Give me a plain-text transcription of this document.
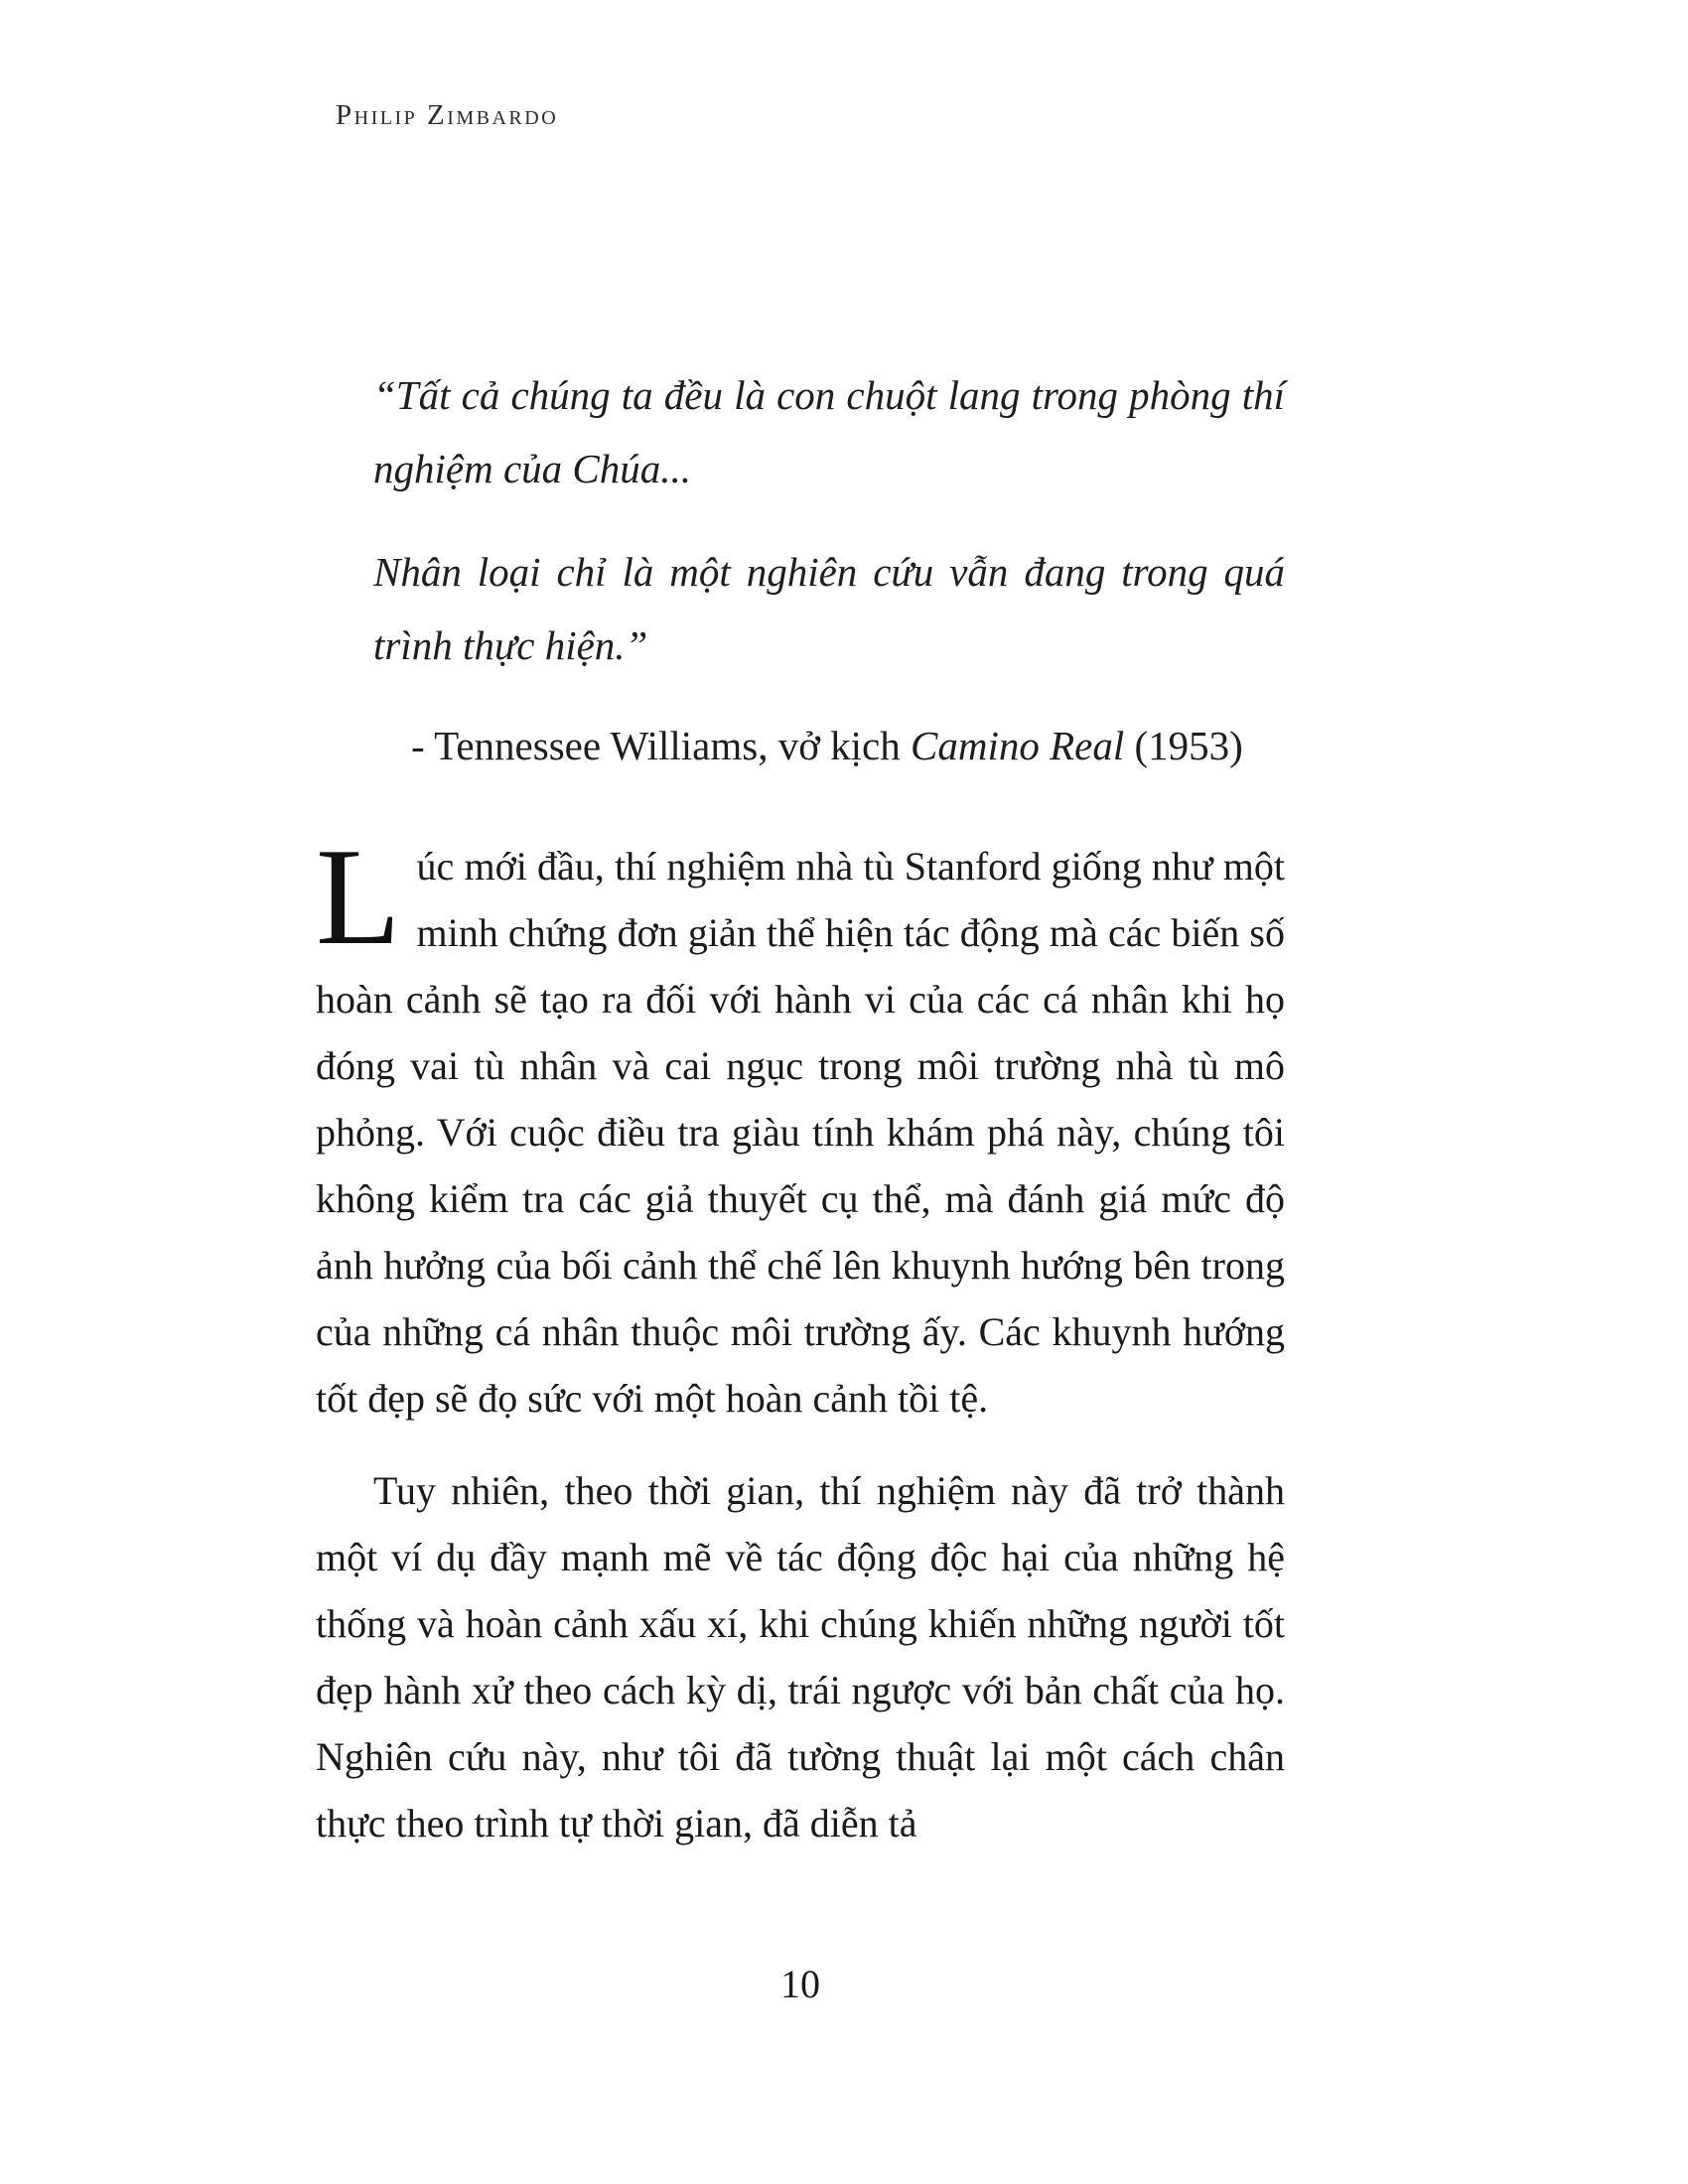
Philip Zimbardo

“Tất cả chúng ta đều là con chuột lang trong phòng thí nghiệm của Chúa...

Nhân loại chỉ là một nghiên cứu vẫn đang trong quá trình thực hiện.”

- Tennessee Williams, vở kịch Camino Real (1953)

Lúc mới đầu, thí nghiệm nhà tù Stanford giống như một minh chứng đơn giản thể hiện tác động mà các biến số hoàn cảnh sẽ tạo ra đối với hành vi của các cá nhân khi họ đóng vai tù nhân và cai ngục trong môi trường nhà tù mô phỏng. Với cuộc điều tra giàu tính khám phá này, chúng tôi không kiểm tra các giả thuyết cụ thể, mà đánh giá mức độ ảnh hưởng của bối cảnh thể chế lên khuynh hướng bên trong của những cá nhân thuộc môi trường ấy. Các khuynh hướng tốt đẹp sẽ đọ sức với một hoàn cảnh tồi tệ.

Tuy nhiên, theo thời gian, thí nghiệm này đã trở thành một ví dụ đầy mạnh mẽ về tác động độc hại của những hệ thống và hoàn cảnh xấu xí, khi chúng khiến những người tốt đẹp hành xử theo cách kỳ dị, trái ngược với bản chất của họ. Nghiên cứu này, như tôi đã tường thuật lại một cách chân thực theo trình tự thời gian, đã diễn tả

10
